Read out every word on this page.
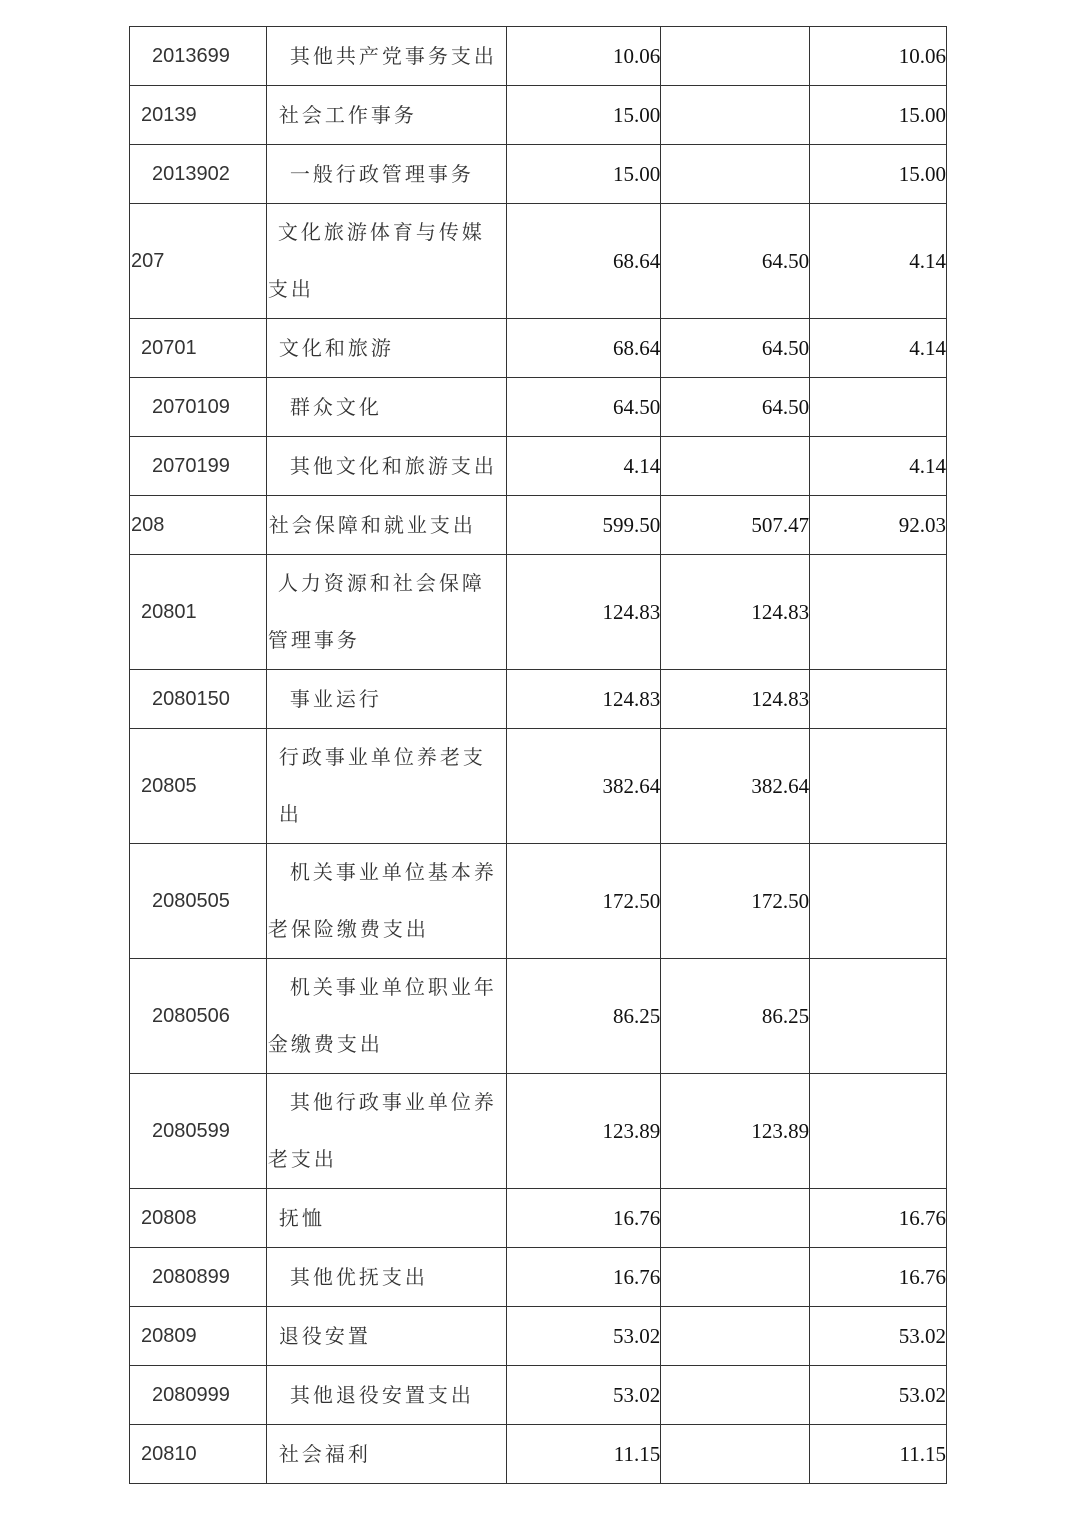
2013699	其他共产党事务支出	10.06		10.06
20139	社会工作事务	15.00		15.00
2013902	一般行政管理事务	15.00		15.00
207	文化旅游体育与传媒支出	68.64	64.50	4.14
20701	文化和旅游	68.64	64.50	4.14
2070109	群众文化	64.50	64.50	
2070199	其他文化和旅游支出	4.14		4.14
208	社会保障和就业支出	599.50	507.47	92.03
20801	人力资源和社会保障管理事务	124.83	124.83	
2080150	事业运行	124.83	124.83	
20805	行政事业单位养老支出	382.64	382.64	
2080505	机关事业单位基本养老保险缴费支出	172.50	172.50	
2080506	机关事业单位职业年金缴费支出	86.25	86.25	
2080599	其他行政事业单位养老支出	123.89	123.89	
20808	抚恤	16.76		16.76
2080899	其他优抚支出	16.76		16.76
20809	退役安置	53.02		53.02
2080999	其他退役安置支出	53.02		53.02
20810	社会福利	11.15		11.15
